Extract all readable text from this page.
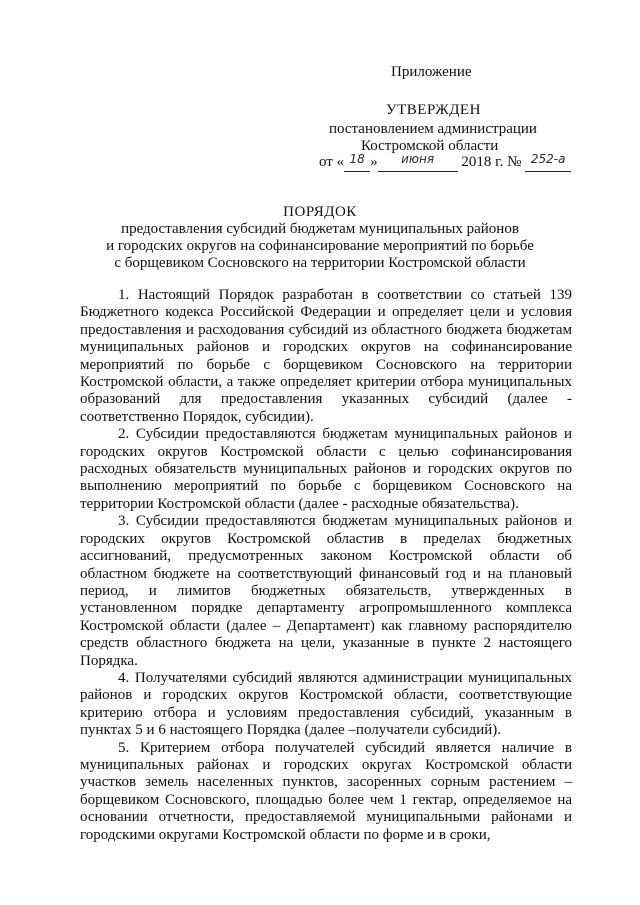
Приложение
УТВЕРЖДЕН
постановлением администрации
Костромской области
от « $^{18}$ » $^{июня}$ 2018 г. № $^{252-а}$
ПОРЯДОК
предоставления субсидий бюджетам муниципальных районов
и городских округов на софинансирование мероприятий по борьбе
с борщевиком Сосновского на территории Костромской области

1. Настоящий Порядок разработан в соответствии со статьей 139 Бюджетного кодекса Российской Федерации и определяет цели и условия предоставления и расходования субсидий из областного бюджета бюджетам муниципальных районов и городских округов на софинансирование мероприятий по борьбе с борщевиком Сосновского на территории Костромской области, а также определяет критерии отбора муниципальных образований для предоставления указанных субсидий (далее - соответственно Порядок, субсидии).

2. Субсидии предоставляются бюджетам муниципальных районов и городских округов Костромской области с целью софинансирования расходных обязательств муниципальных районов и городских округов по выполнению мероприятий по борьбе с борщевиком Сосновского на территории Костромской области (далее - расходные обязательства).

3. Субсидии предоставляются бюджетам муниципальных районов и городских округов Костромской областив в пределах бюджетных ассигнований, предусмотренных законом Костромской области об областном бюджете на соответствующий финансовый год и на плановый период, и лимитов бюджетных обязательств, утвержденных в установленном порядке департаменту агропромышленного комплекса Костромской области (далее – Департамент) как главному распорядителю средств областного бюджета на цели, указанные в пункте 2 настоящего Порядка.

4. Получателями субсидий являются администрации муниципальных районов и городских округов Костромской области, соответствующие критерию отбора и условиям предоставления субсидий, указанным в пунктах 5 и 6 настоящего Порядка (далее –получатели субсидий).

5. Критерием отбора получателей субсидий является наличие в муниципальных районах и городских округах Костромской области участков земель населенных пунктов, засоренных сорным растением – борщевиком Сосновского, площадью более чем 1 гектар, определяемое на основании отчетности, предоставляемой муниципальными районами и городскими округами Костромской области по форме и в сроки,
